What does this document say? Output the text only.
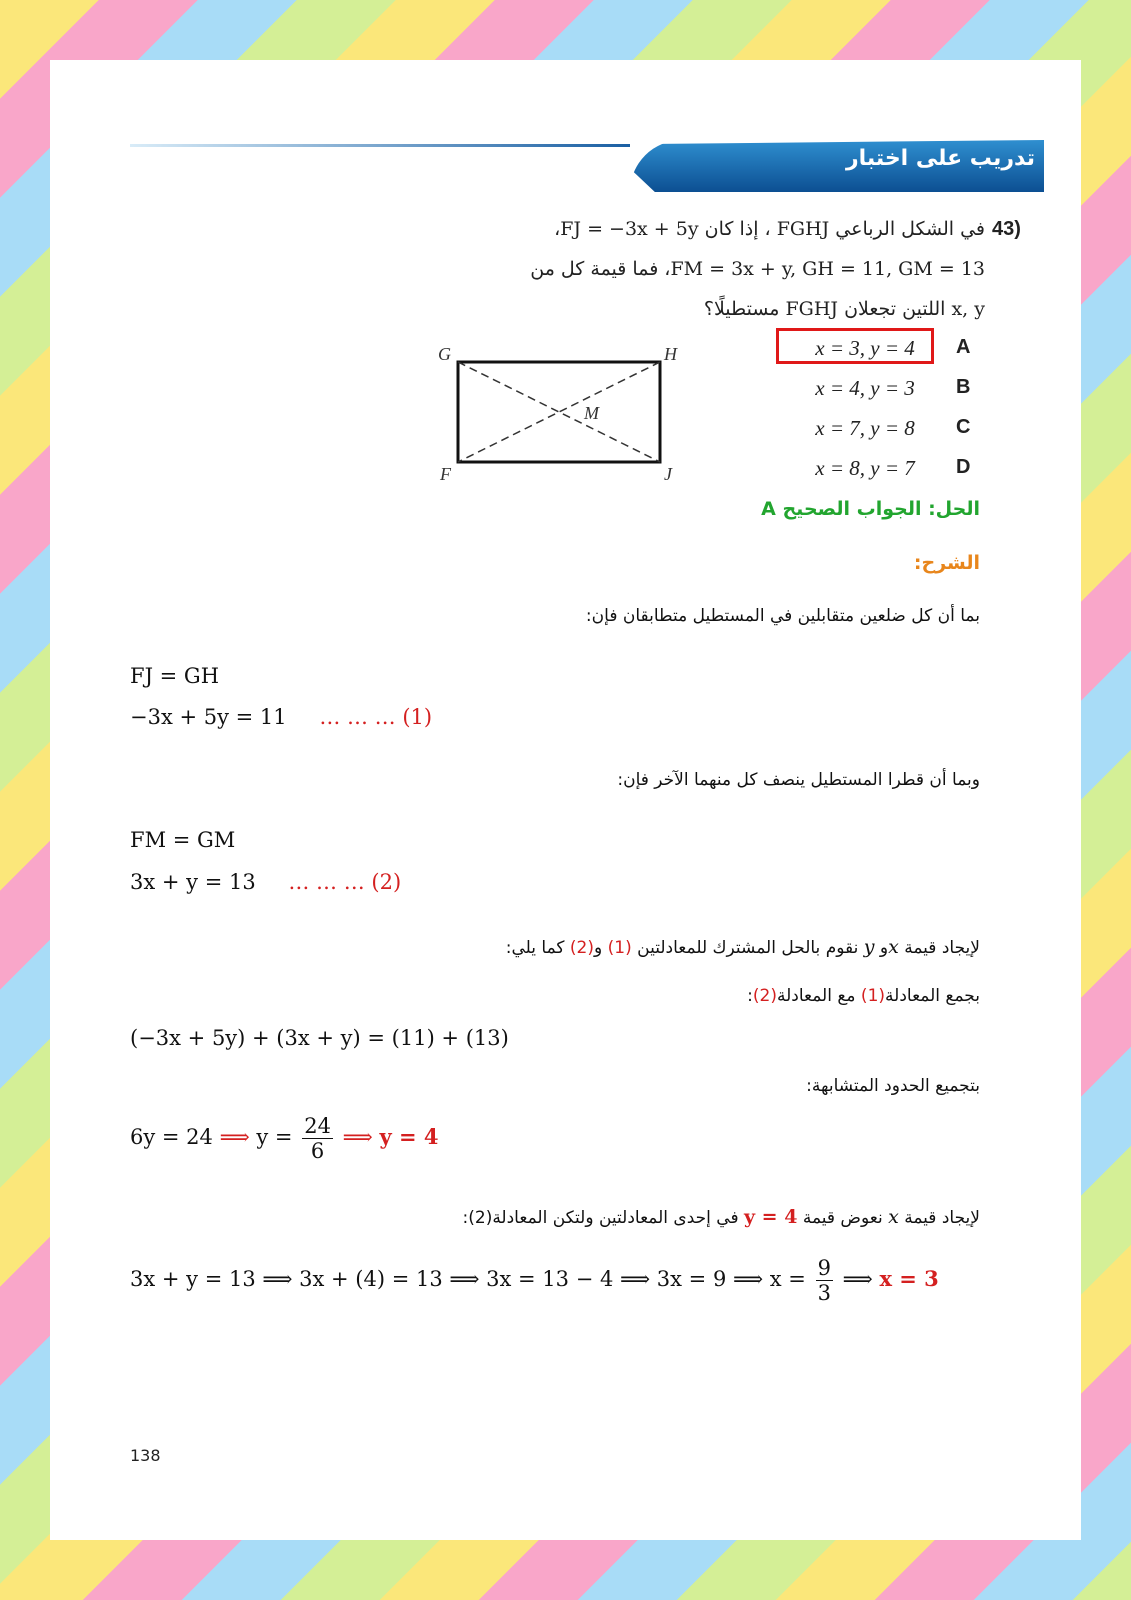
تدريب على اختبار
43)
في الشكل الرباعي FGHJ ، إذا كان FJ = −3x + 5y،
FM = 3x + y, GH = 11, GM = 13، فما قيمة كل من
x, y اللتين تجعلان FGHJ مستطيلًا؟
G	H
F	J
M
x = 3, y = 4	A
x = 4, y = 3	B
x = 7, y = 8	C
x = 8, y = 7	D
الحل: الجواب الصحيح A
الشرح:
بما أن كل ضلعين متقابلين في المستطيل متطابقان فإن:
FJ = GH
−3x + 5y = 11 … … … (1)
وبما أن قطرا المستطيل ينصف كل منهما الآخر فإن:
FM = GM
3x + y = 13 … … … (2)
لإيجاد قيمة xو y نقوم بالحل المشترك للمعادلتين (1) و(2) كما يلي:
بجمع المعادلة(1) مع المعادلة(2):
(−3x + 5y) + (3x + y) = (11) + (13)
بتجميع الحدود المتشابهة:
6y = 24 ⟹ $y = \frac{24}{6}$ ⟹ y = 4
لإيجاد قيمة x نعوض قيمة y = 4 في إحدى المعادلتين ولتكن المعادلة(2):
3x + y = 13 ⟹ 3x + (4) = 13 ⟹ 3x = 13 − 4 ⟹ 3x = 9 ⟹ $x = \frac{9}{3}$ ⟹ x = 3
138
